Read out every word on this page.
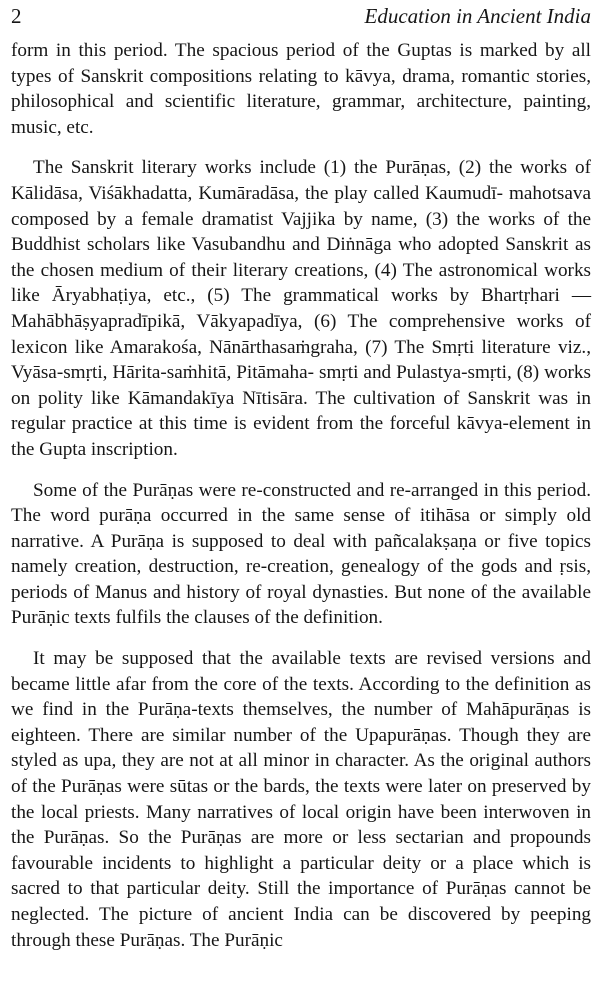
2	Education in Ancient India

form in this period. The spacious period of the Guptas is marked by all types of Sanskrit compositions relating to kāvya, drama, romantic stories, philosophical and scientific literature, grammar, architecture, painting, music, etc.

The Sanskrit literary works include (1) the Purāṇas, (2) the works of Kālidāsa, Viśākhadatta, Kumāradāsa, the play called Kaumudī- mahotsava composed by a female dramatist Vajjika by name, (3) the works of the Buddhist scholars like Vasubandhu and Diṅnāga who adopted Sanskrit as the chosen medium of their literary creations, (4) The astronomical works like Āryabhaṭiya, etc., (5) The grammatical works by Bhartṛhari — Mahābhāṣyapradīpikā, Vākyapadīya, (6) The comprehensive works of lexicon like Amarakośa, Nānārthasaṁgraha, (7) The Smṛti literature viz., Vyāsa-smṛti, Hārita-saṁhitā, Pitāmaha- smṛti and Pulastya-smṛti, (8) works on polity like Kāmandakīya Nītisāra. The cultivation of Sanskrit was in regular practice at this time is evident from the forceful kāvya-element in the Gupta inscription.

Some of the Purāṇas were re-constructed and re-arranged in this period. The word purāṇa occurred in the same sense of itihāsa or simply old narrative. A Purāṇa is supposed to deal with pañcalakṣaṇa or five topics namely creation, destruction, re-creation, genealogy of the gods and ṛsis, periods of Manus and history of royal dynasties. But none of the available Purāṇic texts fulfils the clauses of the definition.

It may be supposed that the available texts are revised versions and became little afar from the core of the texts. According to the definition as we find in the Purāṇa-texts themselves, the number of Mahāpurāṇas is eighteen. There are similar number of the Upapurāṇas. Though they are styled as upa, they are not at all minor in character. As the original authors of the Purāṇas were sūtas or the bards, the texts were later on preserved by the local priests. Many narratives of local origin have been interwoven in the Purāṇas. So the Purāṇas are more or less sectarian and propounds favourable incidents to highlight a particular deity or a place which is sacred to that particular deity. Still the importance of Purāṇas cannot be neglected. The picture of ancient India can be discovered by peeping through these Purāṇas. The Purāṇic
